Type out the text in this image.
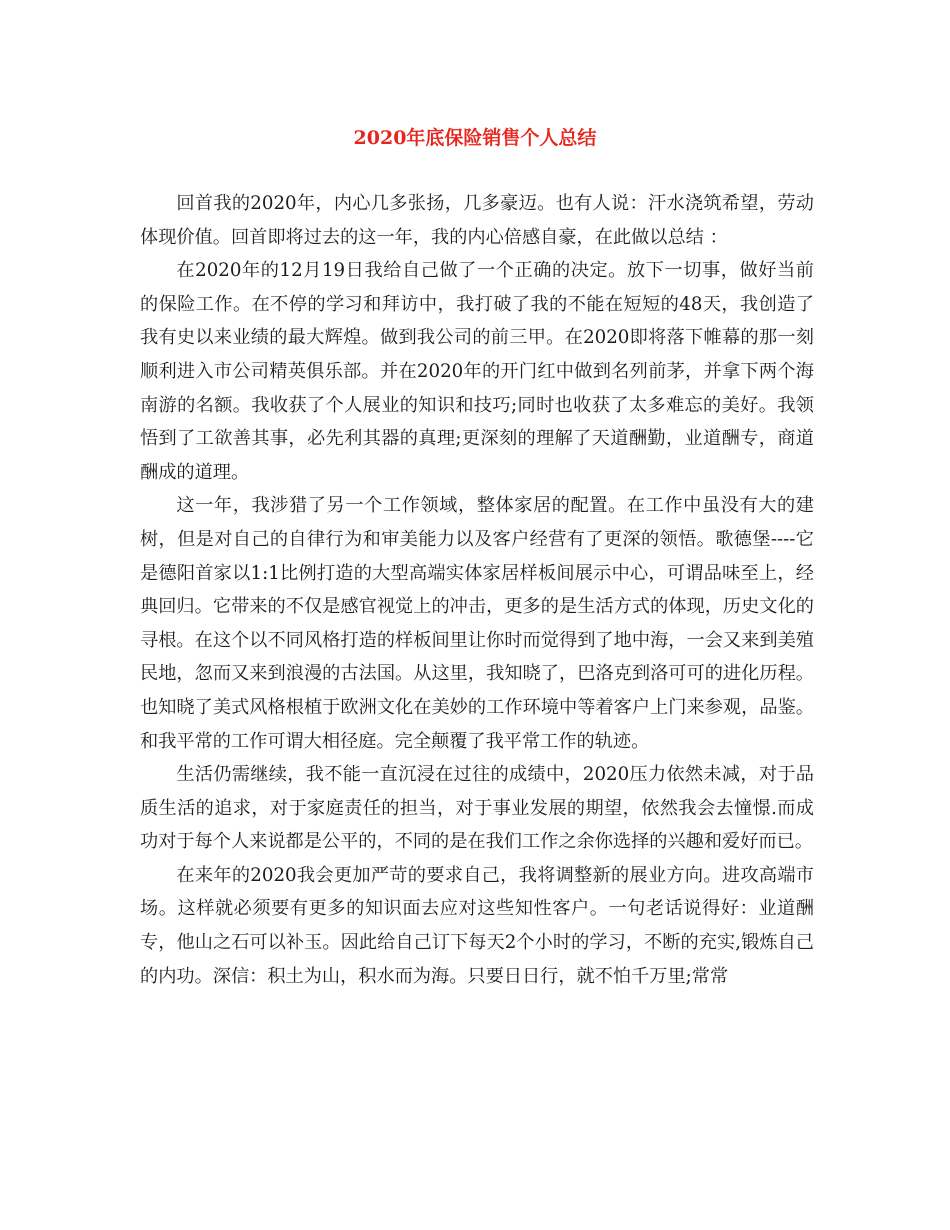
2020年底保险销售个人总结

回首我的2020年，内心几多张扬，几多豪迈。也有人说：汗水浇筑希望，劳动体现价值。回首即将过去的这一年，我的内心倍感自豪，在此做以总结 ：

在2020年的12月19日我给自己做了一个正确的决定。放下一切事，做好当前的保险工作。在不停的学习和拜访中，我打破了我的不能在短短的48天，我创造了我有史以来业绩的最大辉煌。做到我公司的前三甲。在2020即将落下帷幕的那一刻顺利进入市公司精英俱乐部。并在2020年的开门红中做到名列前茅，并拿下两个海南游的名额。我收获了个人展业的知识和技巧;同时也收获了太多难忘的美好。我领悟到了工欲善其事，必先利其器的真理;更深刻的理解了天道酬勤，业道酬专，商道酬成的道理。

这一年，我涉猎了另一个工作领域，整体家居的配置。在工作中虽没有大的建树，但是对自己的自律行为和审美能力以及客户经营有了更深的领悟。歌德堡----它是德阳首家以1:1比例打造的大型高端实体家居样板间展示中心，可谓品味至上，经典回归。它带来的不仅是感官视觉上的冲击，更多的是生活方式的体现，历史文化的寻根。在这个以不同风格打造的样板间里让你时而觉得到了地中海，一会又来到美殖民地，忽而又来到浪漫的古法国。从这里，我知晓了，巴洛克到洛可可的进化历程。也知晓了美式风格根植于欧洲文化在美妙的工作环境中等着客户上门来参观，品鉴。和我平常的工作可谓大相径庭。完全颠覆了我平常工作的轨迹。

生活仍需继续，我不能一直沉浸在过往的成绩中，2020压力依然未减，对于品质生活的追求，对于家庭责任的担当，对于事业发展的期望，依然我会去憧憬.而成功对于每个人来说都是公平的，不同的是在我们工作之余你选择的兴趣和爱好而已。

在来年的2020我会更加严苛的要求自己，我将调整新的展业方向。进攻高端市场。这样就必须要有更多的知识面去应对这些知性客户。一句老话说得好：业道酬专，他山之石可以补玉。因此给自己订下每天2个小时的学习，不断的充实,锻炼自己的内功。深信：积土为山，积水而为海。只要日日行，就不怕千万里;常常
